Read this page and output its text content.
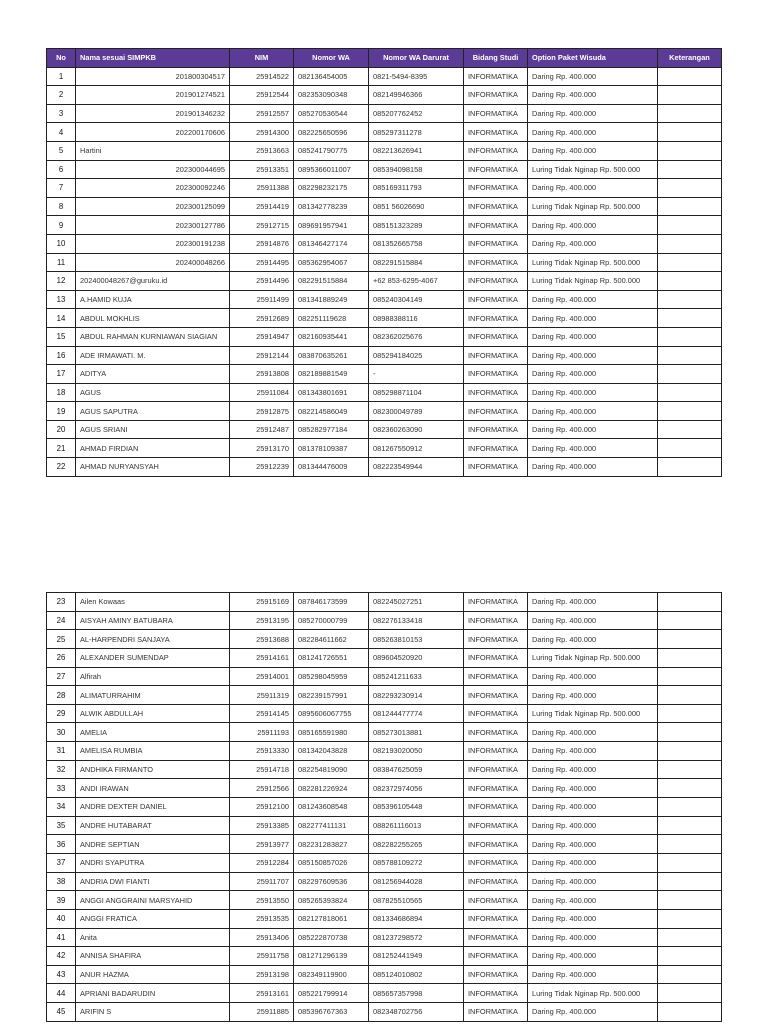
No	Nama sesuai SIMPKB	NIM	Nomor WA	Nomor WA Darurat	Bidang Studi	Option Paket Wisuda	Keterangan
1	201800304517	25914522	082136454005	0821-5494-8395	INFORMATIKA	Daring Rp. 400.000	
2	201901274521	25912544	082353090348	082149946366	INFORMATIKA	Daring Rp. 400.000	
3	201901346232	25912557	085270536544	085207762452	INFORMATIKA	Daring Rp. 400.000	
4	202200170606	25914300	082225650596	085297311278	INFORMATIKA	Daring Rp. 400.000	
5	Hartini	25913663	085241790775	082213626941	INFORMATIKA	Daring Rp. 400.000	
6	202300044695	25913351	0895366011007	085394098158	INFORMATIKA	Luring Tidak Nginap Rp. 500.000	
7	202300092246	25911388	082298232175	085169311793	INFORMATIKA	Daring Rp. 400.000	
8	202300125099	25914419	081342778239	0851 56026690	INFORMATIKA	Luring Tidak Nginap Rp. 500.000	
9	202300127786	25912715	089691957941	085151323289	INFORMATIKA	Daring Rp. 400.000	
10	202300191238	25914876	081346427174	081352665758	INFORMATIKA	Daring Rp. 400.000	
11	202400048266	25914495	085362954067	082291515884	INFORMATIKA	Luring Tidak Nginap Rp. 500.000	
12	202400048267@guruku.id	25914496	082291515884	+62 853-6295-4067	INFORMATIKA	Luring Tidak Nginap Rp. 500.000	
13	A.HAMID KUJA	25911499	081341889249	085240304149	INFORMATIKA	Daring Rp. 400.000	
14	ABDUL MOKHLIS	25912689	082251119628	08988388116	INFORMATIKA	Daring Rp. 400.000	
15	ABDUL RAHMAN KURNIAWAN SIAGIAN	25914947	082160935441	082362025676	INFORMATIKA	Daring Rp. 400.000	
16	ADE IRMAWATI. M.	25912144	083870635261	085294184025	INFORMATIKA	Daring Rp. 400.000	
17	ADITYA	25913808	082189881549	-	INFORMATIKA	Daring Rp. 400.000	
18	AGUS	25911084	081343801691	085298871104	INFORMATIKA	Daring Rp. 400.000	
19	AGUS SAPUTRA	25912875	082214586049	082300049789	INFORMATIKA	Daring Rp. 400.000	
20	AGUS SRIANI	25912487	085282977184	082360263090	INFORMATIKA	Daring Rp. 400.000	
21	AHMAD FIRDIAN	25913170	081378109387	081267550912	INFORMATIKA	Daring Rp. 400.000	
22	AHMAD NURYANSYAH	25912239	081344476009	082223549944	INFORMATIKA	Daring Rp. 400.000	
23	Ailen Kowaas	25915169	087846173599	082245027251	INFORMATIKA	Daring Rp. 400.000	
24	AISYAH AMINY BATUBARA	25913195	085270000799	082276133418	INFORMATIKA	Daring Rp. 400.000	
25	AL-HARPENDRI SANJAYA	25913688	082284611662	085263810153	INFORMATIKA	Daring Rp. 400.000	
26	ALEXANDER SUMENDAP	25914161	081241726551	089604520920	INFORMATIKA	Luring Tidak Nginap Rp. 500.000	
27	Alfirah	25914001	085298045959	085241211633	INFORMATIKA	Daring Rp. 400.000	
28	ALIMATURRAHIM	25911319	082239157991	082293230914	INFORMATIKA	Daring Rp. 400.000	
29	ALWIK ABDULLAH	25914145	0895606067755	081244477774	INFORMATIKA	Luring Tidak Nginap Rp. 500.000	
30	AMELIA	25911193	085165591980	085273013881	INFORMATIKA	Daring Rp. 400.000	
31	AMELISA RUMBIA	25913330	081342043828	082193020050	INFORMATIKA	Daring Rp. 400.000	
32	ANDHIKA FIRMANTO	25914718	082254819090	083847625059	INFORMATIKA	Daring Rp. 400.000	
33	ANDI IRAWAN	25912566	082281226924	082372974056	INFORMATIKA	Daring Rp. 400.000	
34	ANDRE DEXTER DANIEL	25912100	081243608548	085396105448	INFORMATIKA	Daring Rp. 400.000	
35	ANDRE HUTABARAT	25913385	082277411131	088261116013	INFORMATIKA	Daring Rp. 400.000	
36	ANDRE SEPTIAN	25913977	082231283827	082282255265	INFORMATIKA	Daring Rp. 400.000	
37	ANDRI SYAPUTRA	25912284	085150857026	085788109272	INFORMATIKA	Daring Rp. 400.000	
38	ANDRIA DWI FIANTI	25911707	082297609536	081256944028	INFORMATIKA	Daring Rp. 400.000	
39	ANGGI ANGGRAINI MARSYAHID	25913550	085265393824	087825510565	INFORMATIKA	Daring Rp. 400.000	
40	ANGGI FRATICA	25913535	082127818061	081334686894	INFORMATIKA	Daring Rp. 400.000	
41	Anita	25913406	085222870738	081237298572	INFORMATIKA	Daring Rp. 400.000	
42	ANNISA SHAFIRA	25911758	081271296139	081252441949	INFORMATIKA	Daring Rp. 400.000	
43	ANUR HAZMA	25913198	082349119900	085124010802	INFORMATIKA	Daring Rp. 400.000	
44	APRIANI BADARUDIN	25913161	085221799914	085657357998	INFORMATIKA	Luring Tidak Nginap Rp. 500.000	
45	ARIFIN S	25911885	085396767363	082348702756	INFORMATIKA	Daring Rp. 400.000	
